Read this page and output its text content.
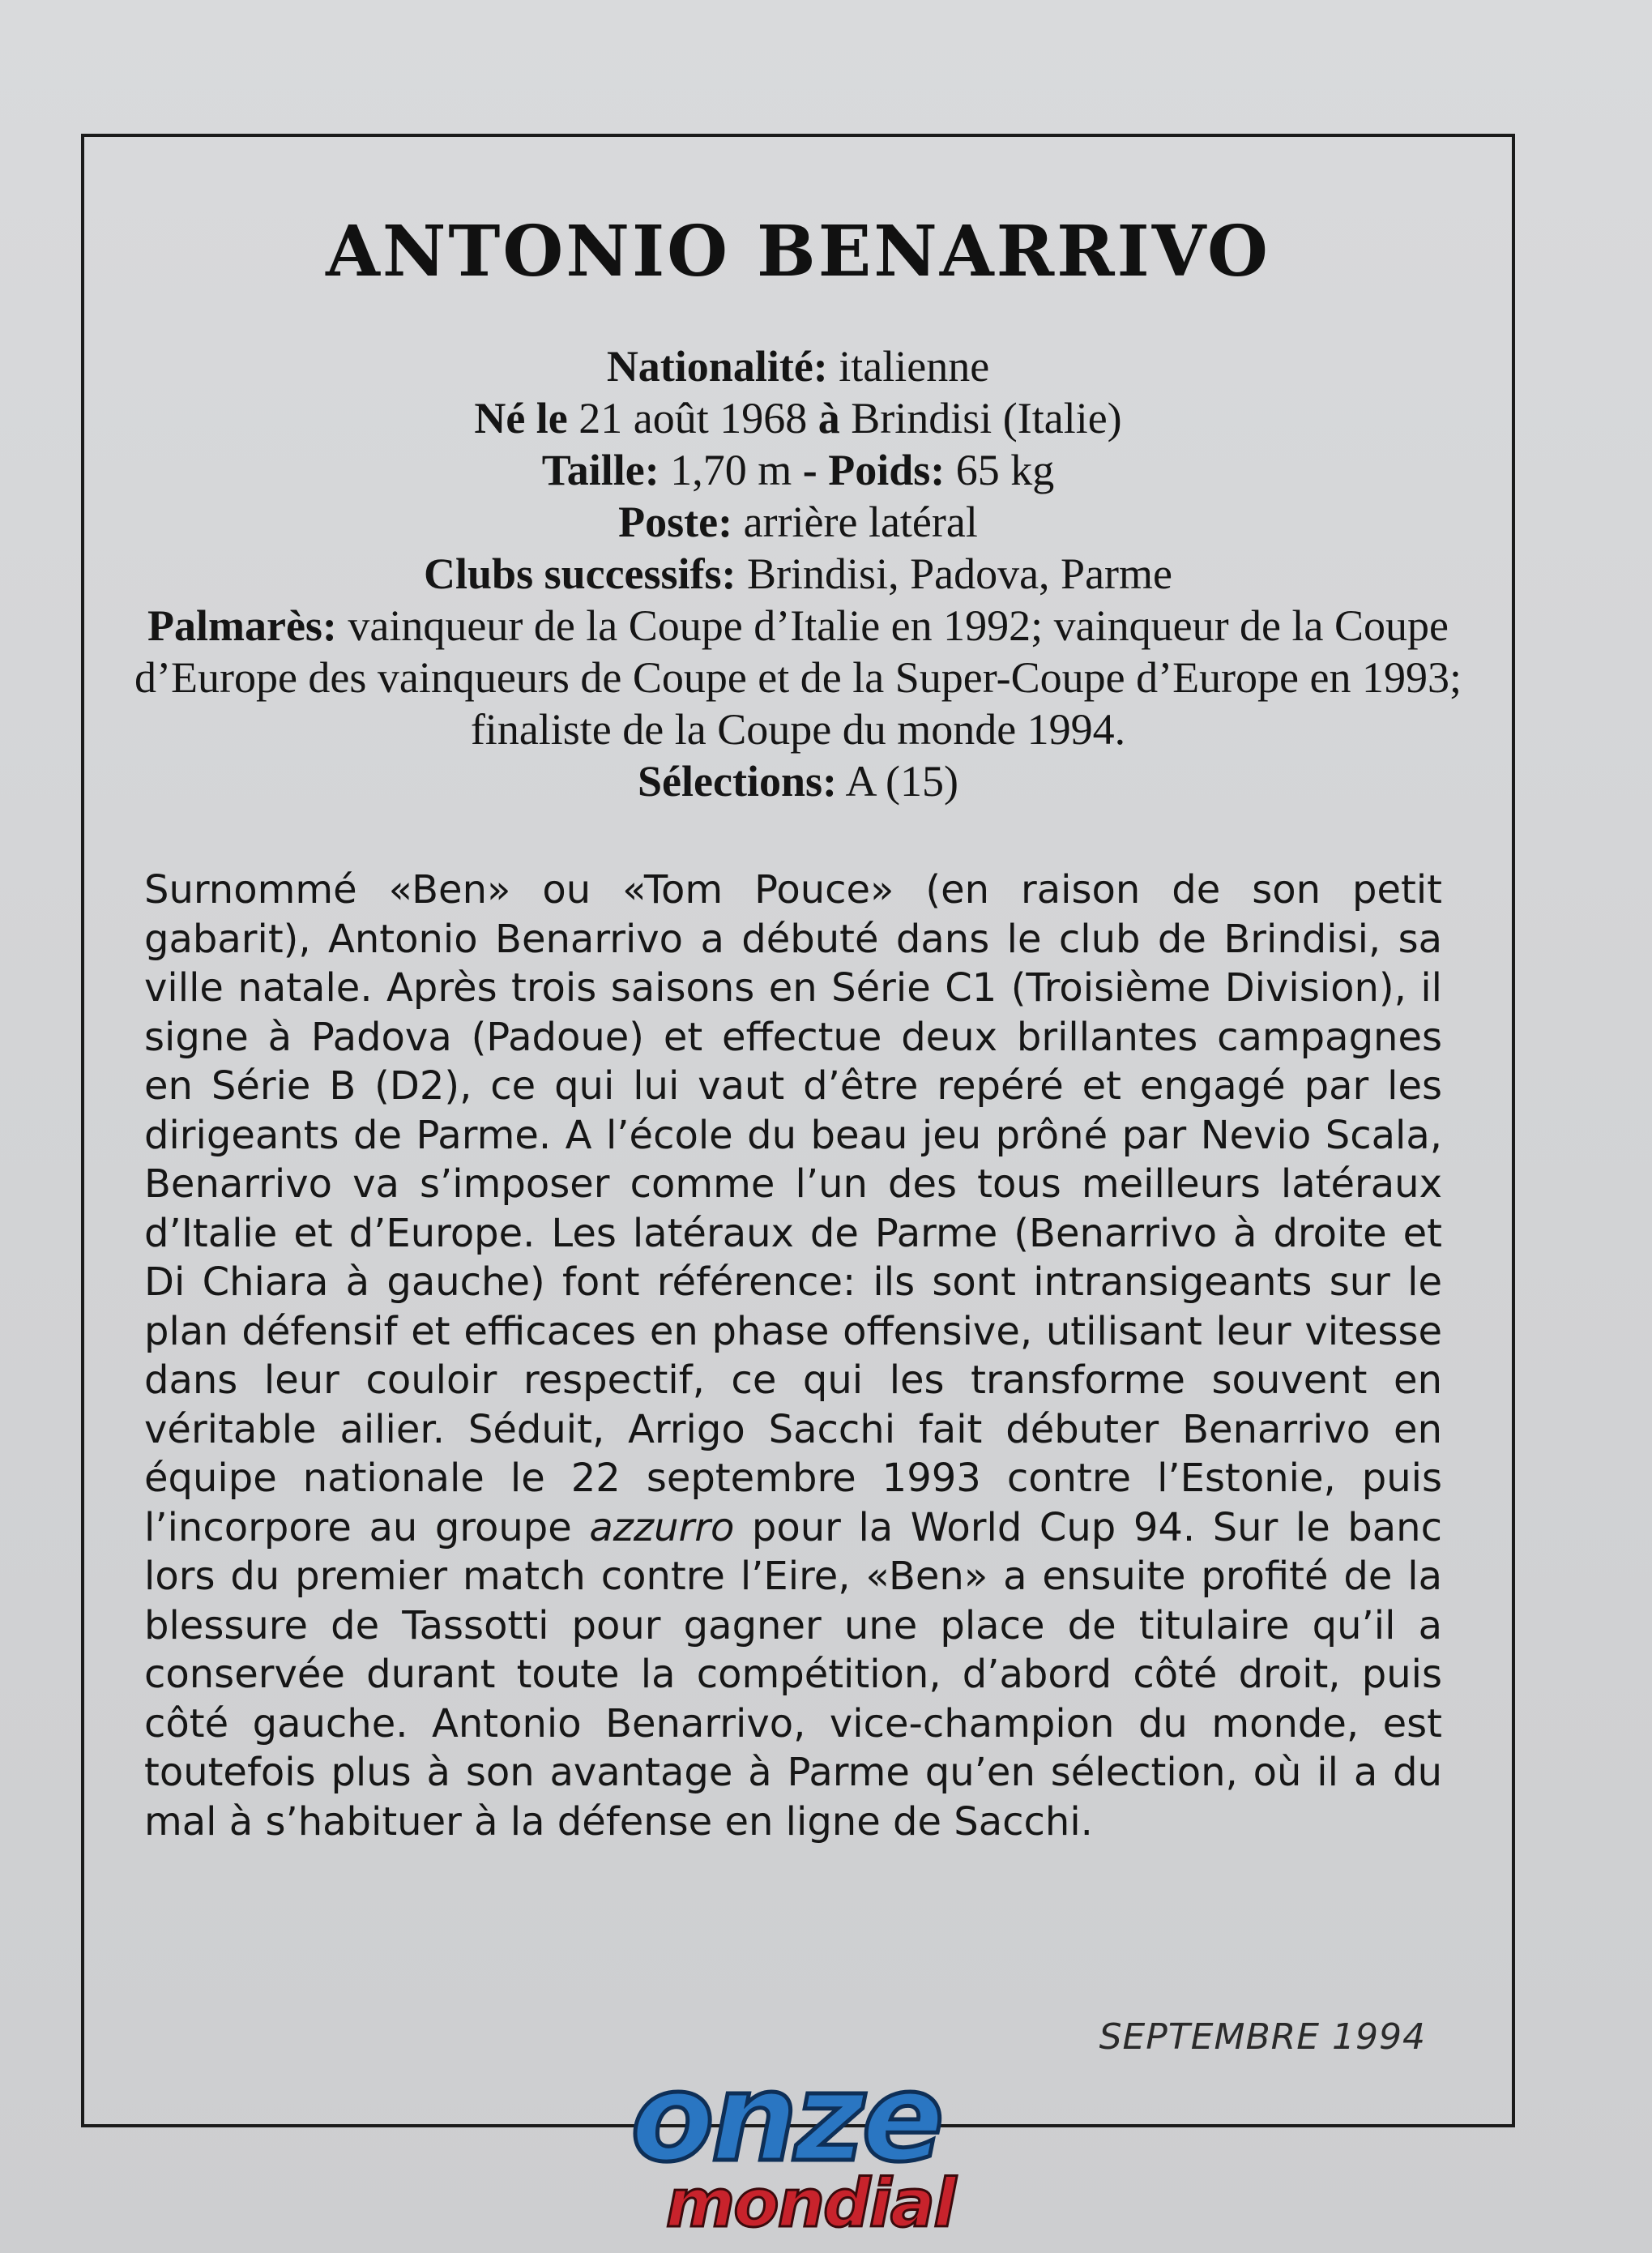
ANTONIO BENARRIVO
Nationalité: italienne
Né le 21 août 1968 à Brindisi (Italie)
Taille: 1,70 m - Poids: 65 kg
Poste: arrière latéral
Clubs successifs: Brindisi, Padova, Parme
Palmarès: vainqueur de la Coupe d’Italie en 1992; vainqueur de la Coupe d’Europe des vainqueurs de Coupe et de la Super-Coupe d’Europe en 1993; finaliste de la Coupe du monde 1994.
Sélections: A (15)

Surnommé «Ben» ou «Tom Pouce» (en raison de son petit gabarit), Antonio Benarrivo a débuté dans le club de Brindisi, sa ville natale. Après trois saisons en Série C1 (Troisième Division), il signe à Padova (Padoue) et effectue deux brillantes campagnes en Série B (D2), ce qui lui vaut d’être repéré et engagé par les dirigeants de Parme. A l’école du beau jeu prôné par Nevio Scala, Benarrivo va s’imposer comme l’un des tous meilleurs latéraux d’Italie et d’Europe. Les latéraux de Parme (Benarrivo à droite et Di Chiara à gauche) font référence: ils sont intransigeants sur le plan défensif et efficaces en phase offensive, utilisant leur vitesse dans leur couloir respectif, ce qui les transforme souvent en véritable ailier. Séduit, Arrigo Sacchi fait débuter Benarrivo en équipe nationale le 22 septembre 1993 contre l’Estonie, puis l’incorpore au groupe azzurro pour la World Cup 94. Sur le banc lors du premier match contre l’Eire, «Ben» a ensuite profité de la blessure de Tassotti pour gagner une place de titulaire qu’il a conservée durant toute la compétition, d’abord côté droit, puis côté gauche. Antonio Benarrivo, vice-champion du monde, est toutefois plus à son avantage à Parme qu’en sélection, où il a du mal à s’habituer à la défense en ligne de Sacchi.

SEPTEMBRE 1994
onze
mondial
